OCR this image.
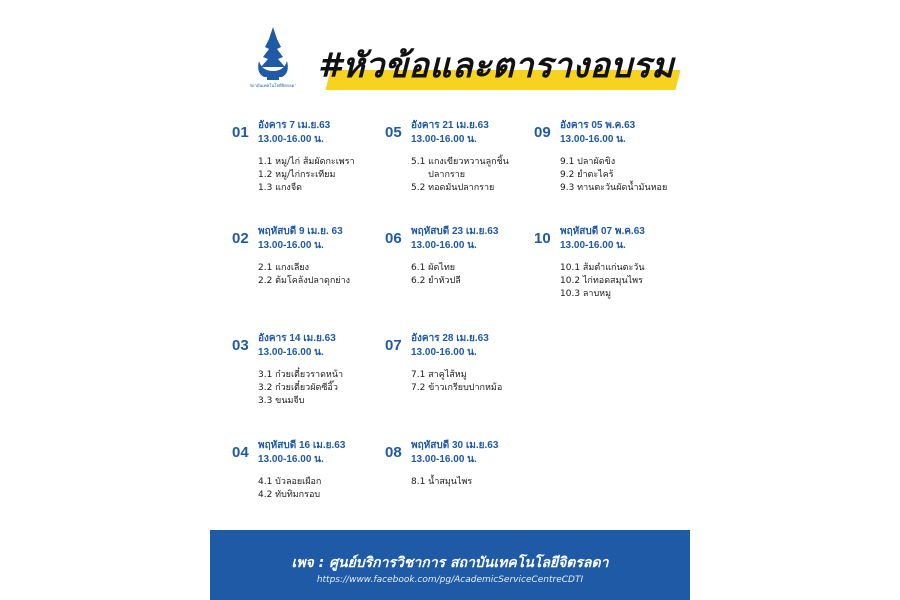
สถาบันเทคโนโลยีจิตรลดา #หัวข้อและตารางอบรม
01 อังคาร 7 เม.ย.63
13.00-16.00 น.
1.1 หมู/ไก่ ส้มผัดกะเพรา
1.2 หมู/ไก่กระเทียม
1.3 แกงจืด
02 พฤหัสบดี 9 เม.ย. 63
13.00-16.00 น.
2.1 แกงเลียง
2.2 ต้มโคล้งปลาดุกย่าง
03 อังคาร 14 เม.ย.63
13.00-16.00 น.
3.1 ก๋วยเตี๋ยวราดหน้า
3.2 ก๋วยเตี๋ยวผัดซีอิ๊ว
3.3 ขนมจีบ
04 พฤหัสบดี 16 เม.ย.63
13.00-16.00 น.
4.1 บัวลอยเผือก
4.2 ทับทิมกรอบ
05 อังคาร 21 เม.ย.63
13.00-16.00 น.
5.1 แกงเขียวหวานลูกชิ้น
ปลากราย
5.2 ทอดมันปลากราย
06 พฤหัสบดี 23 เม.ย.63
13.00-16.00 น.
6.1 ผัดไทย
6.2 ยำหัวปลี
07 อังคาร 28 เม.ย.63
13.00-16.00 น.
7.1 สาคูไส้หมู
7.2 ข้าวเกรียบปากหม้อ
08 พฤหัสบดี 30 เม.ย.63
13.00-16.00 น.
8.1 น้ำสมุนไพร
09 อังคาร 05 พ.ค.63
13.00-16.00 น.
9.1 ปลาผัดขิง
9.2 ยำตะไคร้
9.3 ทานตะวันผัดน้ำมันหอย
10 พฤหัสบดี 07 พ.ค.63
13.00-16.00 น.
10.1 ส้มตำแก่นตะวัน
10.2 ไก่ทอดสมุนไพร
10.3 ลาบหมู
เพจ : ศูนย์บริการวิชาการ สถาบันเทคโนโลยีจิตรลดา
https://www.facebook.com/pg/AcademicServiceCentreCDTI
